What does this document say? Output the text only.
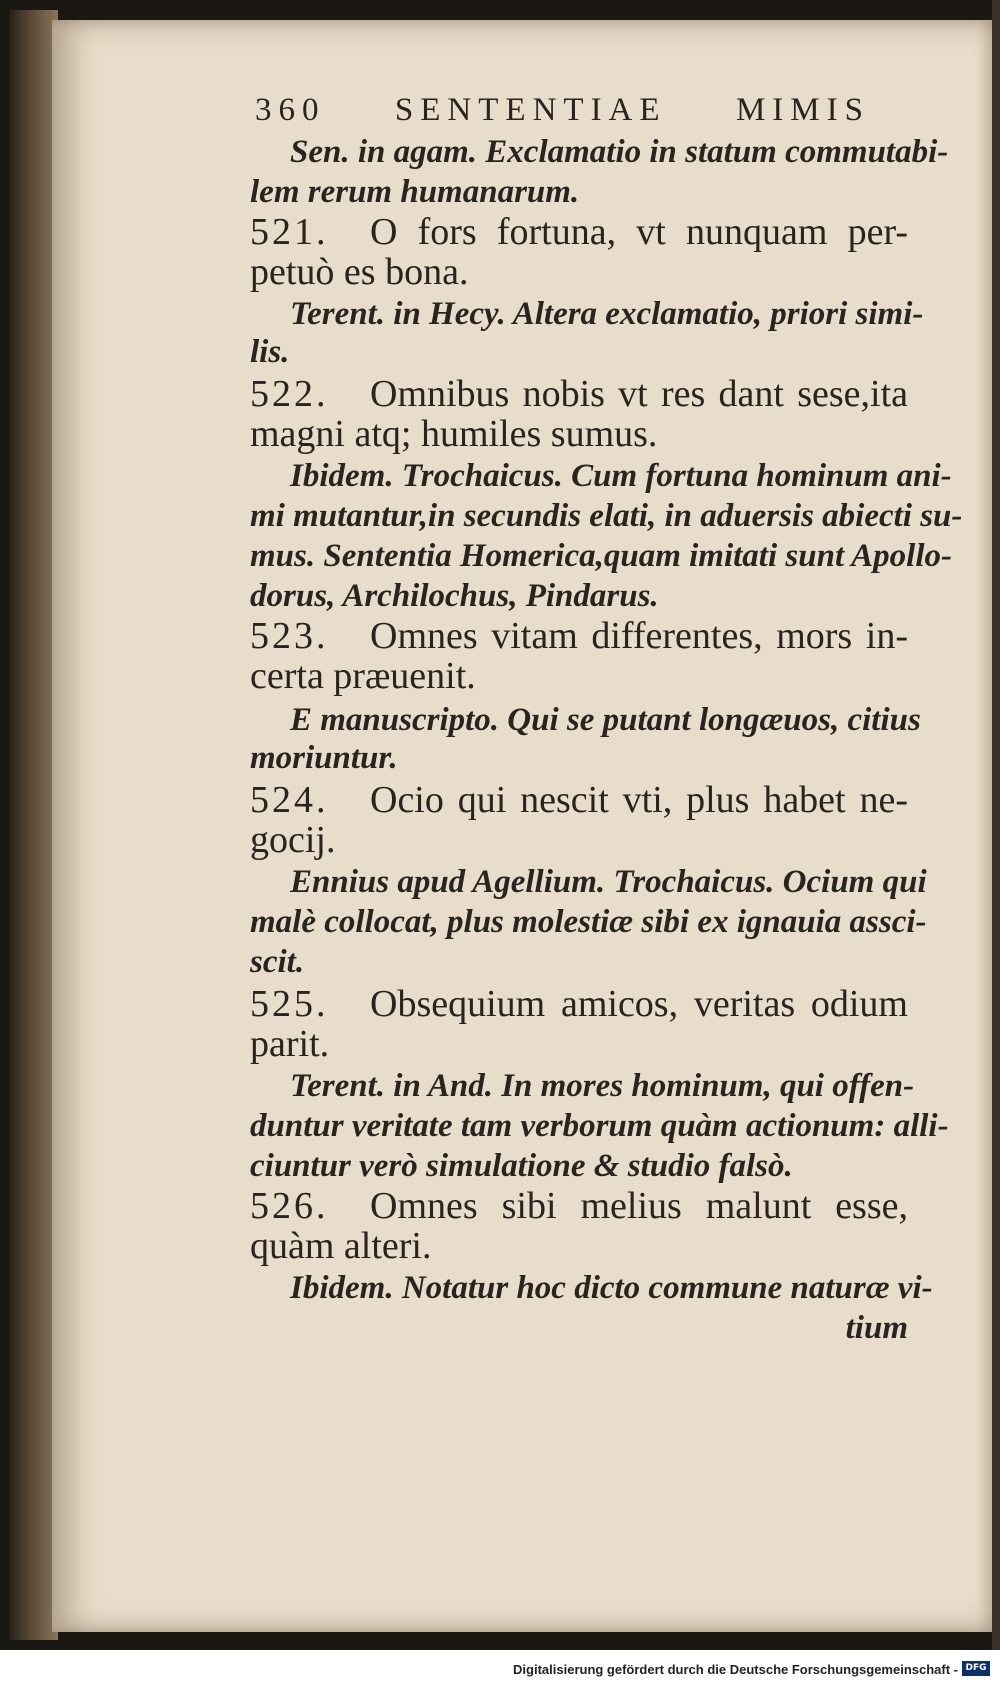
360 SENTENTIAE MIMIS
Sen. in agam. Exclamatio in statum commutabi-
lem rerum humanarum.
521. O fors fortuna, vt nunquam per-
petuò es bona.
Terent. in Hecy. Altera exclamatio, priori simi-
lis.
522. Omnibus nobis vt res dant sese,ita
magni atq; humiles sumus.
Ibidem. Trochaicus. Cum fortuna hominum ani-
mi mutantur,in secundis elati, in aduersis abiecti su-
mus. Sententia Homerica,quam imitati sunt Apollo-
dorus, Archilochus, Pindarus.
523. Omnes vitam differentes, mors in-
certa præuenit.
E manuscripto. Qui se putant longæuos, citius
moriuntur.
524. Ocio qui nescit vti, plus habet ne-
gocij.
Ennius apud Agellium. Trochaicus. Ocium qui
malè collocat, plus molestiæ sibi ex ignauia assci-
scit.
525. Obsequium amicos, veritas odium
parit.
Terent. in And. In mores hominum, qui offen-
duntur veritate tam verborum quàm actionum: alli-
ciuntur verò simulatione & studio falsò.
526. Omnes sibi melius malunt esse,
quàm alteri.
Ibidem. Notatur hoc dicto commune naturæ vi-
tium
Digitalisierung gefördert durch die Deutsche Forschungsgemeinschaft - DFG
